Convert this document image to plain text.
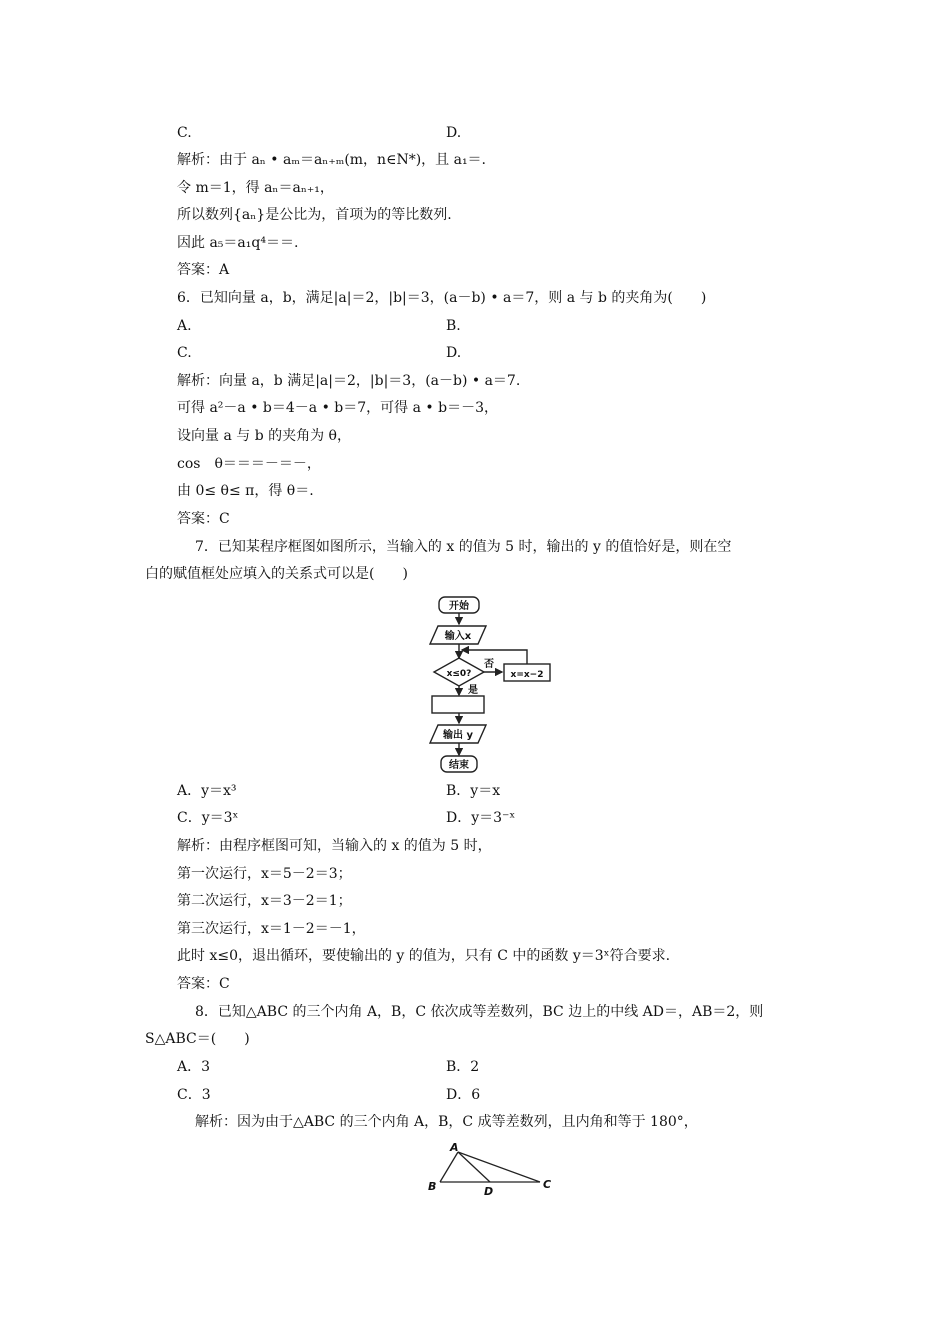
C.	D.
解析：由于 aₙ • aₘ＝aₙ₊ₘ(m，n∈N*)，且 a₁＝.
令 m＝1，得 aₙ＝aₙ₊₁，
所以数列{aₙ}是公比为，首项为的等比数列.
因此 a₅＝a₁q⁴＝＝.
答案：A
6．已知向量 a，b，满足|a|＝2，|b|＝3，(a－b) • a＝7，则 a 与 b 的夹角为(　　)
A.	B.
C.	D.
解析：向量 a，b 满足|a|＝2，|b|＝3，(a－b) • a＝7.
可得 a²－a • b＝4－a • b＝7，可得 a • b＝－3，
设向量 a 与 b 的夹角为 θ，
cos　θ＝＝＝－＝－，
由 0≤ θ≤ π，得 θ＝.
答案：C
7．已知某程序框图如图所示，当输入的 x 的值为 5 时，输出的 y 的值恰好是，则在空
白的赋值框处应填入的关系式可以是(　　)
开始
输入x
x≤0?
否
x=x−2
是
输出 y
结束
A．y＝x³	B．y＝x
C．y＝3ˣ	D．y＝3⁻ˣ
解析：由程序框图可知，当输入的 x 的值为 5 时，
第一次运行，x＝5－2＝3；
第二次运行，x＝3－2＝1；
第三次运行，x＝1－2＝－1，
此时 x≤0，退出循环，要使输出的 y 的值为，只有 C 中的函数 y＝3ˣ符合要求.
答案：C
8．已知△ABC 的三个内角 A，B，C 依次成等差数列，BC 边上的中线 AD＝，AB＝2，则
S△ABC＝(　　)
A．3	B．2
C．3	D．6
解析：因为由于△ABC 的三个内角 A，B，C 成等差数列，且内角和等于 180°，
A
B	C
D
